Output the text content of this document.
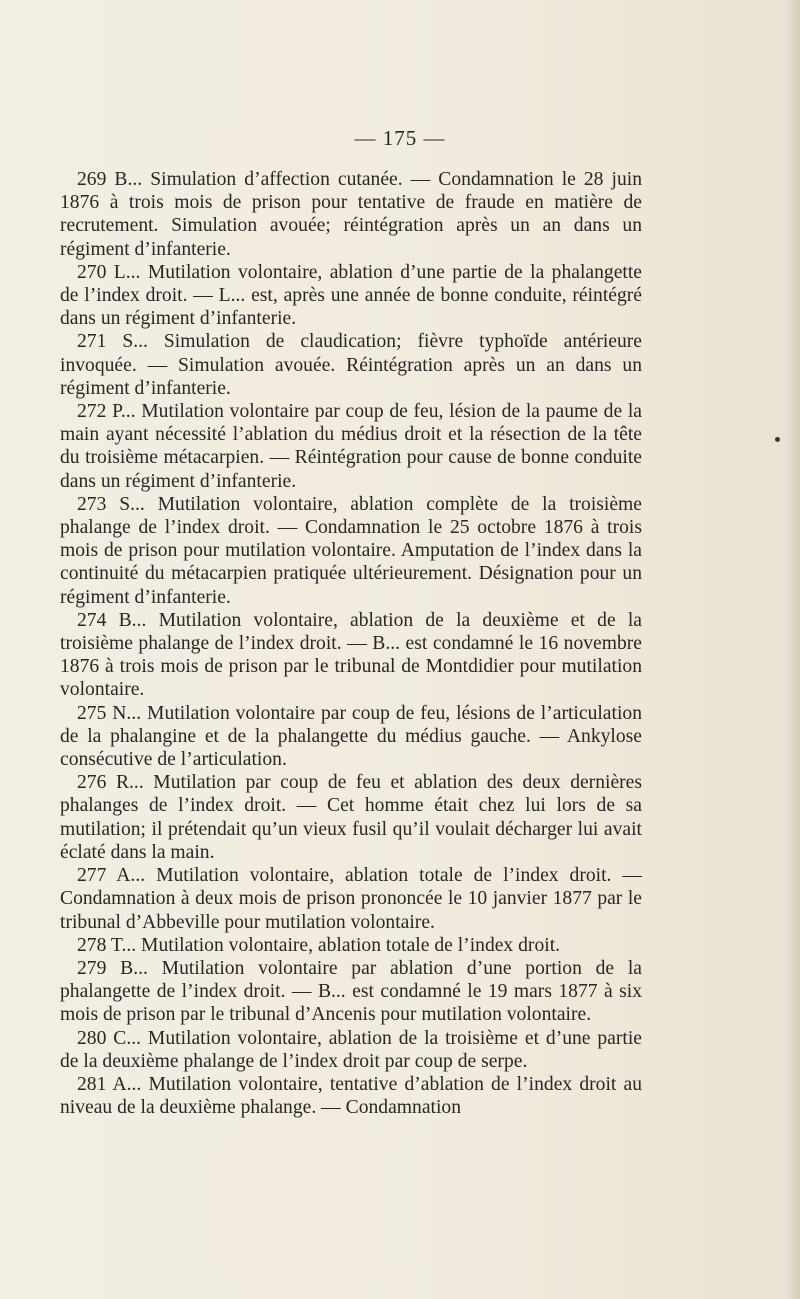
— 175 —

269 B... Simulation d’affection cutanée. — Condamnation le 28 juin 1876 à trois mois de prison pour tentative de fraude en matière de recrutement. Simulation avouée; réintégration après un an dans un régiment d’infanterie.

270 L... Mutilation volontaire, ablation d’une partie de la phalangette de l’index droit. — L... est, après une année de bonne conduite, réintégré dans un régiment d’infanterie.

271 S... Simulation de claudication; fièvre typhoïde antérieure invoquée. — Simulation avouée. Réintégration après un an dans un régiment d’infanterie.

272 P... Mutilation volontaire par coup de feu, lésion de la paume de la main ayant nécessité l’ablation du médius droit et la résection de la tête du troisième métacarpien. — Réintégration pour cause de bonne conduite dans un régiment d’infanterie.

273 S... Mutilation volontaire, ablation complète de la troisième phalange de l’index droit. — Condamnation le 25 octobre 1876 à trois mois de prison pour mutilation volontaire. Amputation de l’index dans la continuité du métacarpien pratiquée ultérieurement. Désignation pour un régiment d’infanterie.

274 B... Mutilation volontaire, ablation de la deuxième et de la troisième phalange de l’index droit. — B... est condamné le 16 novembre 1876 à trois mois de prison par le tribunal de Montdidier pour mutilation volontaire.

275 N... Mutilation volontaire par coup de feu, lésions de l’articulation de la phalangine et de la phalangette du médius gauche. — Ankylose consécutive de l’articulation.

276 R... Mutilation par coup de feu et ablation des deux dernières phalanges de l’index droit. — Cet homme était chez lui lors de sa mutilation; il prétendait qu’un vieux fusil qu’il voulait décharger lui avait éclaté dans la main.

277 A... Mutilation volontaire, ablation totale de l’index droit. — Condamnation à deux mois de prison prononcée le 10 janvier 1877 par le tribunal d’Abbeville pour mutilation volontaire.

278 T... Mutilation volontaire, ablation totale de l’index droit.

279 B... Mutilation volontaire par ablation d’une portion de la phalangette de l’index droit. — B... est condamné le 19 mars 1877 à six mois de prison par le tribunal d’Ancenis pour mutilation volontaire.

280 C... Mutilation volontaire, ablation de la troisième et d’une partie de la deuxième phalange de l’index droit par coup de serpe.

281 A... Mutilation volontaire, tentative d’ablation de l’index droit au niveau de la deuxième phalange. — Condamnation
